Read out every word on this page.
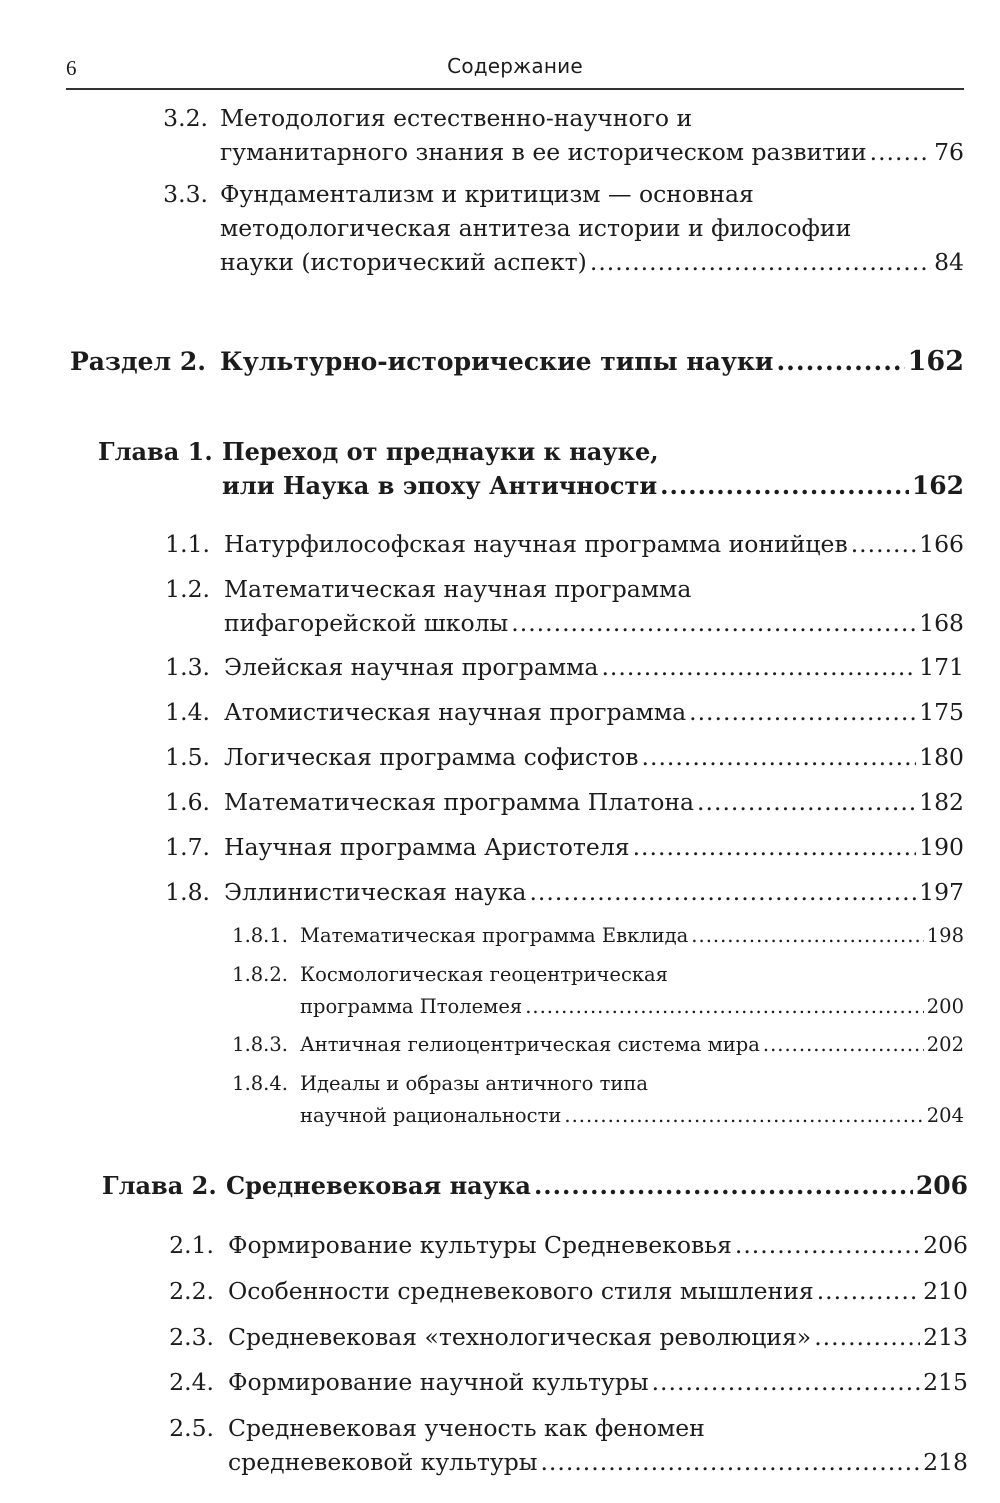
6	Содержание
3.2. Методология естественно-научного и
гуманитарного знания в ее историческом развитии .....	76
3.3. Фундаментализм и критицизм — основная
методологическая антитеза истории и философии
науки (исторический аспект) .....	84
Раздел 2. Культурно-исторические типы науки .....	162
Глава 1. Переход от преднауки к науке,
или Наука в эпоху Античности .....	162
1.1. Натурфилософская научная программа ионийцев .....	166
1.2. Математическая научная программа
пифагорейской школы .....	168
1.3. Элейская научная программа .....	171
1.4. Атомистическая научная программа .....	175
1.5. Логическая программа софистов .....	180
1.6. Математическая программа Платона .....	182
1.7. Научная программа Аристотеля .....	190
1.8. Эллинистическая наука .....	197
1.8.1. Математическая программа Евклида .....	198
1.8.2. Космологическая геоцентрическая
программа Птолемея .....	200
1.8.3. Античная гелиоцентрическая система мира .....	202
1.8.4. Идеалы и образы античного типа
научной рациональности .....	204
Глава 2. Средневековая наука .....	206
2.1. Формирование культуры Средневековья .....	206
2.2. Особенности средневекового стиля мышления .....	210
2.3. Средневековая «технологическая революция» .....	213
2.4. Формирование научной культуры .....	215
2.5. Средневековая ученость как феномен
средневековой культуры .....	218
